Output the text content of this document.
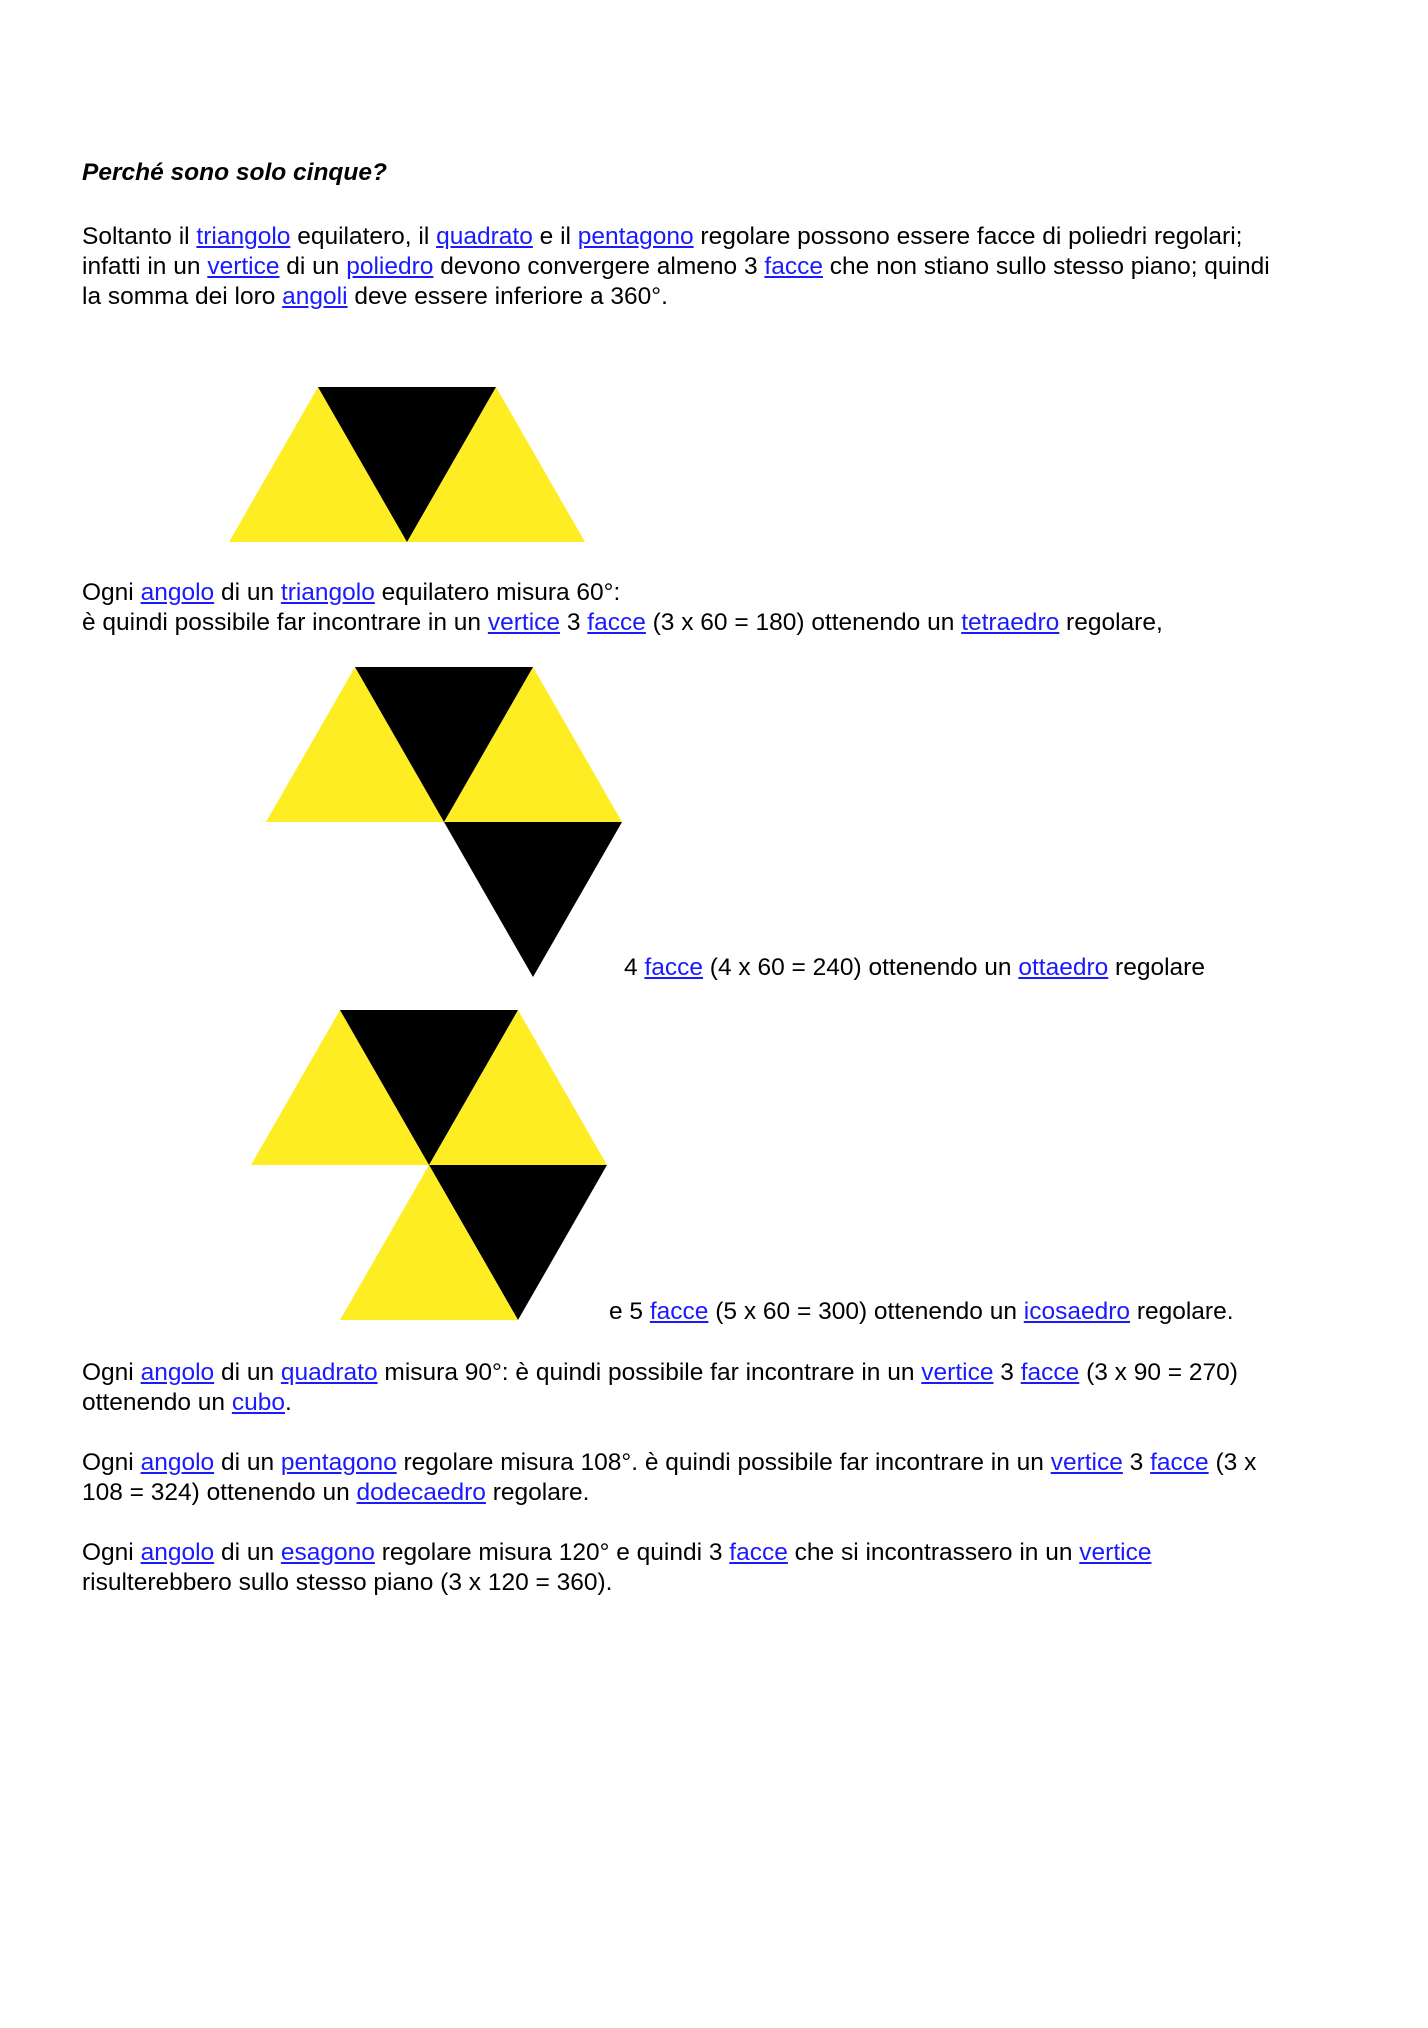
Perché sono solo cinque?
Soltanto il triangolo equilatero, il quadrato e il pentagono regolare possono essere facce di poliedri regolari;
infatti in un vertice di un poliedro devono convergere almeno 3 facce che non stiano sullo stesso piano; quindi
la somma dei loro angoli deve essere inferiore a 360°.
Ogni angolo di un triangolo equilatero misura 60°:
è quindi possibile far incontrare in un vertice 3 facce (3 x 60 = 180) ottenendo un tetraedro regolare,
4 facce (4 x 60 = 240) ottenendo un ottaedro regolare
e 5 facce (5 x 60 = 300) ottenendo un icosaedro regolare.
Ogni angolo di un quadrato misura 90°: è quindi possibile far incontrare in un vertice 3 facce (3 x 90 = 270)
ottenendo un cubo.
Ogni angolo di un pentagono regolare misura 108°. è quindi possibile far incontrare in un vertice 3 facce (3 x
108 = 324) ottenendo un dodecaedro regolare.
Ogni angolo di un esagono regolare misura 120° e quindi 3 facce che si incontrassero in un vertice
risulterebbero sullo stesso piano (3 x 120 = 360).
